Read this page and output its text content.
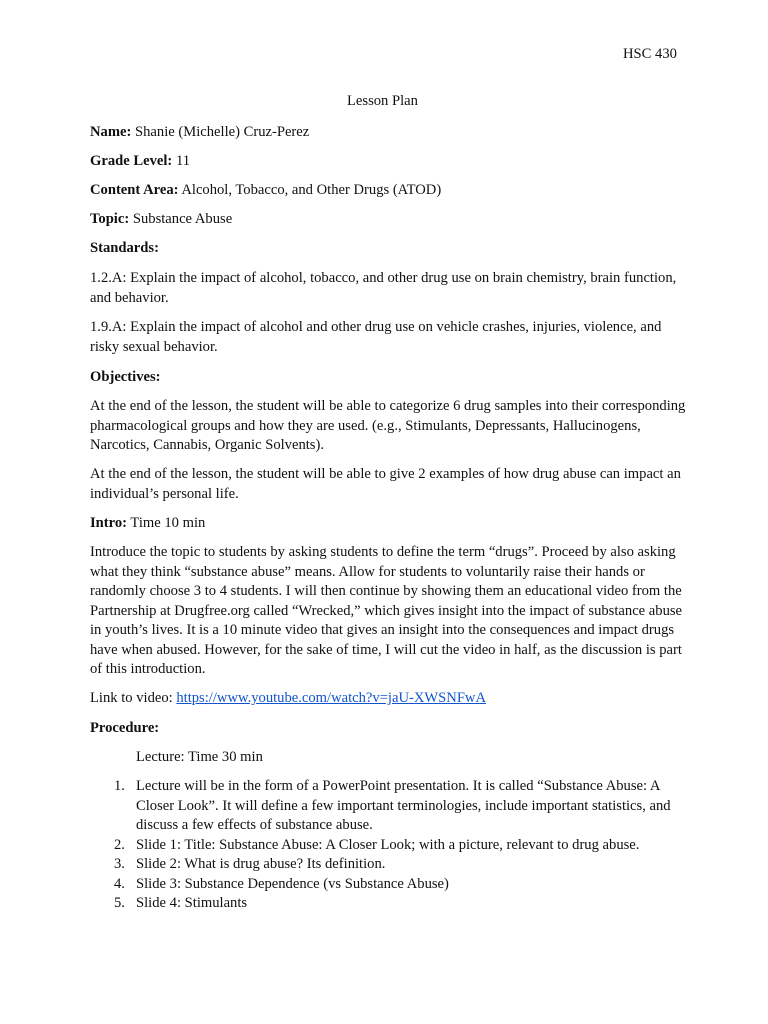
HSC 430
Lesson Plan
Name: Shanie (Michelle) Cruz-Perez
Grade Level: 11
Content Area: Alcohol, Tobacco, and Other Drugs (ATOD)
Topic: Substance Abuse
Standards:

1.2.A: Explain the impact of alcohol, tobacco, and other drug use on brain chemistry, brain function, and behavior.

1.9.A: Explain the impact of alcohol and other drug use on vehicle crashes, injuries, violence, and risky sexual behavior.

Objectives:

At the end of the lesson, the student will be able to categorize 6 drug samples into their corresponding pharmacological groups and how they are used. (e.g., Stimulants, Depressants, Hallucinogens, Narcotics, Cannabis, Organic Solvents).

At the end of the lesson, the student will be able to give 2 examples of how drug abuse can impact an individual’s personal life.

Intro: Time 10 min

Introduce the topic to students by asking students to define the term “drugs”. Proceed by also asking what they think “substance abuse” means. Allow for students to voluntarily raise their hands or randomly choose 3 to 4 students. I will then continue by showing them an educational video from the Partnership at Drugfree.org called “Wrecked,” which gives insight into the impact of substance abuse in youth’s lives. It is a 10 minute video that gives an insight into the consequences and impact drugs have when abused. However, for the sake of time, I will cut the video in half, as the discussion is part of this introduction.

Link to video: https://www.youtube.com/watch?v=jaU-XWSNFwA
Procedure:
Lecture: Time 30 min
1. Lecture will be in the form of a PowerPoint presentation. It is called “Substance Abuse: A Closer Look”. It will define a few important terminologies, include important statistics, and discuss a few effects of substance abuse.
2. Slide 1: Title: Substance Abuse: A Closer Look; with a picture, relevant to drug abuse.
3. Slide 2: What is drug abuse? Its definition.
4. Slide 3: Substance Dependence (vs Substance Abuse)
5. Slide 4: Stimulants
